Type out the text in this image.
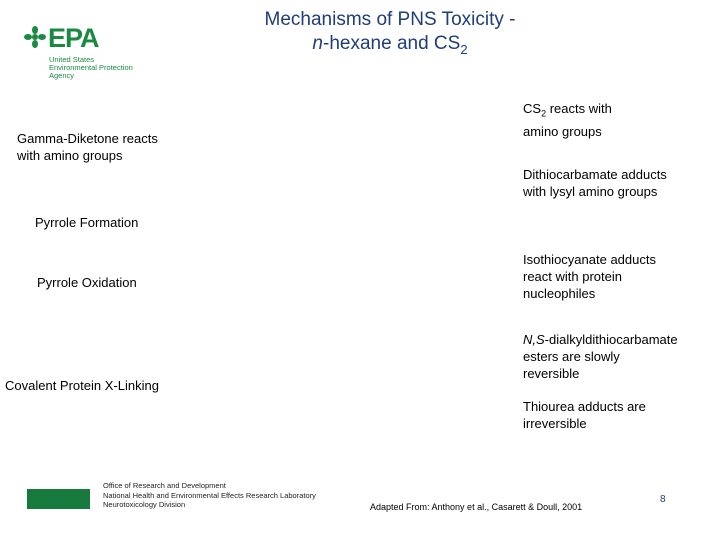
EPA
United States
Environmental Protection
Agency
Mechanisms of PNS Toxicity -
n-hexane and $CS_2$
Gamma-Diketone reacts
with amino groups
Pyrrole Formation
Pyrrole Oxidation
Covalent Protein X-Linking
$CS_2$ reacts with
amino groups
Dithiocarbamate adducts
with lysyl amino groups
Isothiocyanate adducts
react with protein
nucleophiles
N,S-dialkyldithiocarbamate
esters are slowly
reversible
Thiourea adducts are
irreversible
Office of Research and Development
National Health and Environmental Effects Research Laboratory
Neurotoxicology Division	Adapted From: Anthony et al., Casarett & Doull, 2001
8
